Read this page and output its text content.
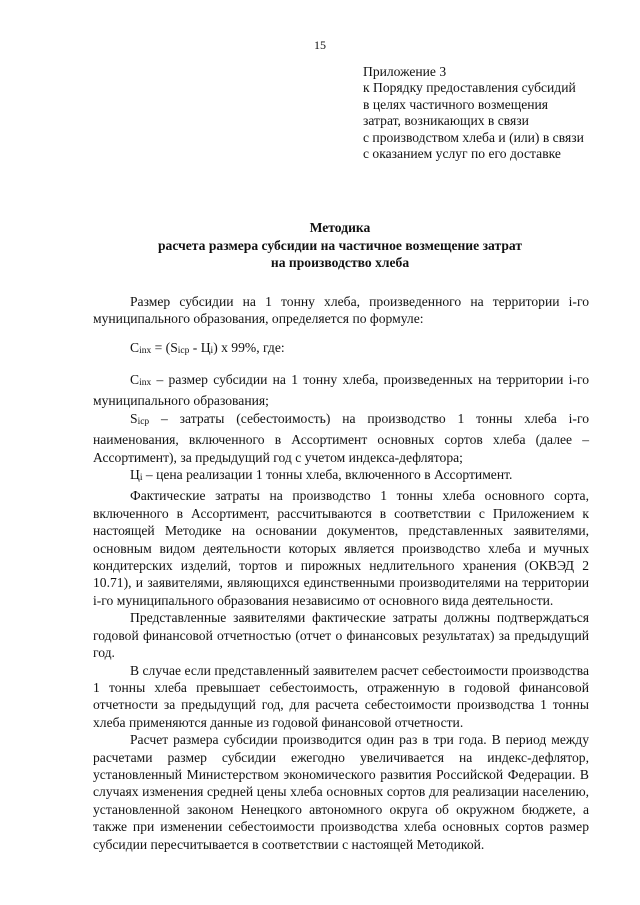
15
Приложение 3
к Порядку предоставления субсидий
в целях частичного возмещения
затрат, возникающих в связи
с производством хлеба и (или) в связи
с оказанием услуг по его доставке
Методика
расчета размера субсидии на частичное возмещение затрат
на производство хлеба

Размер субсидии на 1 тонну хлеба, произведенного на территории i-го муниципального образования, определяется по формуле:

Cinx = (Sicp - Цi) x 99%, где:

Cinx – размер субсидии на 1 тонну хлеба, произведенных на территории i-го муниципального образования;

Sicp – затраты (себестоимость) на производство 1 тонны хлеба i-го наименования, включенного в Ассортимент основных сортов хлеба (далее – Ассортимент), за предыдущий год с учетом индекса-дефлятора;

Цi – цена реализации 1 тонны хлеба, включенного в Ассортимент.

Фактические затраты на производство 1 тонны хлеба основного сорта, включенного в Ассортимент, рассчитываются в соответствии с Приложением к настоящей Методике на основании документов, представленных заявителями, основным видом деятельности которых является производство хлеба и мучных кондитерских изделий, тортов и пирожных недлительного хранения (ОКВЭД 2 10.71), и заявителями, являющихся единственными производителями на территории i-го муниципального образования независимо от основного вида деятельности.

Представленные заявителями фактические затраты должны подтверждаться годовой финансовой отчетностью (отчет о финансовых результатах) за предыдущий год.

В случае если представленный заявителем расчет себестоимости производства 1 тонны хлеба превышает себестоимость, отраженную в годовой финансовой отчетности за предыдущий год, для расчета себестоимости производства 1 тонны хлеба применяются данные из годовой финансовой отчетности.

Расчет размера субсидии производится один раз в три года. В период между расчетами размер субсидии ежегодно увеличивается на индекс-дефлятор, установленный Министерством экономического развития Российской Федерации. В случаях изменения средней цены хлеба основных сортов для реализации населению, установленной законом Ненецкого автономного округа об окружном бюджете, а также при изменении себестоимости производства хлеба основных сортов размер субсидии пересчитывается в соответствии с настоящей Методикой.
